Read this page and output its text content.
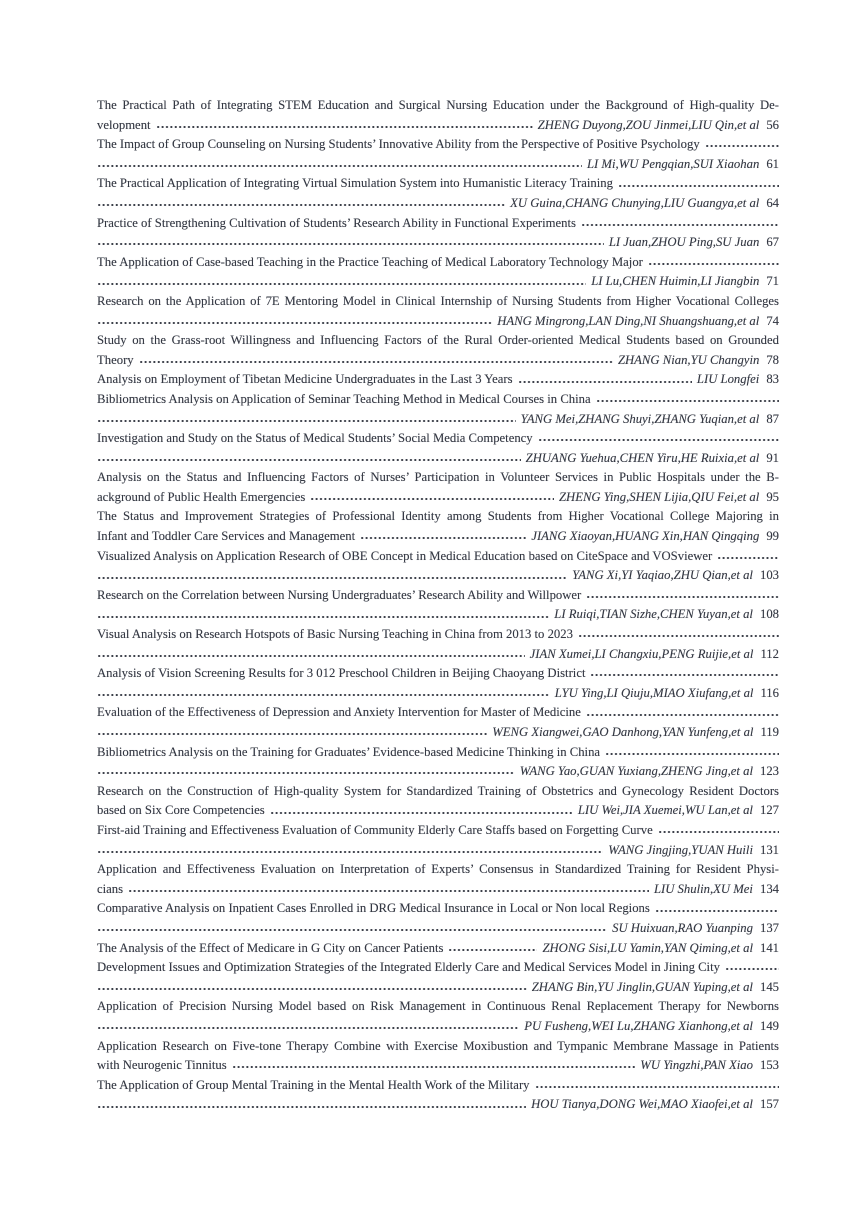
The Practical Path of Integrating STEM Education and Surgical Nursing Education under the Background of High-quality De-
velopment	ZHENG Duyong,ZOU Jinmei,LIU Qin,et al 56
The Impact of Group Counseling on Nursing Students’ Innovative Ability from the Perspective of Positive Psychology
LI Mi,WU Pengqian,SUI Xiaohan 61
The Practical Application of Integrating Virtual Simulation System into Humanistic Literacy Training
XU Guina,CHANG Chunying,LIU Guangya,et al 64
Practice of Strengthening Cultivation of Students’ Research Ability in Functional Experiments
LI Juan,ZHOU Ping,SU Juan 67
The Application of Case-based Teaching in the Practice Teaching of Medical Laboratory Technology Major
LI Lu,CHEN Huimin,LI Jiangbin 71
Research on the Application of 7E Mentoring Model in Clinical Internship of Nursing Students from Higher Vocational Colleges
HANG Mingrong,LAN Ding,NI Shuangshuang,et al 74
Study on the Grass-root Willingness and Influencing Factors of the Rural Order-oriented Medical Students based on Grounded
Theory	ZHANG Nian,YU Changyin 78
Analysis on Employment of Tibetan Medicine Undergraduates in the Last 3 Years	LIU Longfei 83
Bibliometrics Analysis on Application of Seminar Teaching Method in Medical Courses in China
YANG Mei,ZHANG Shuyi,ZHANG Yuqian,et al 87
Investigation and Study on the Status of Medical Students’ Social Media Competency
ZHUANG Yuehua,CHEN Yiru,HE Ruixia,et al 91
Analysis on the Status and Influencing Factors of Nurses’ Participation in Volunteer Services in Public Hospitals under the B-
ackground of Public Health Emergencies	ZHENG Ying,SHEN Lijia,QIU Fei,et al 95
The Status and Improvement Strategies of Professional Identity among Students from Higher Vocational College Majoring in
Infant and Toddler Care Services and Management	JIANG Xiaoyan,HUANG Xin,HAN Qingqing 99
Visualized Analysis on Application Research of OBE Concept in Medical Education based on CiteSpace and VOSviewer
YANG Xi,YI Yaqiao,ZHU Qian,et al 103
Research on the Correlation between Nursing Undergraduates’ Research Ability and Willpower
LI Ruiqi,TIAN Sizhe,CHEN Yuyan,et al 108
Visual Analysis on Research Hotspots of Basic Nursing Teaching in China from 2013 to 2023
JIAN Xumei,LI Changxiu,PENG Ruijie,et al 112
Analysis of Vision Screening Results for 3 012 Preschool Children in Beijing Chaoyang District
LYU Ying,LI Qiuju,MIAO Xiufang,et al 116
Evaluation of the Effectiveness of Depression and Anxiety Intervention for Master of Medicine
WENG Xiangwei,GAO Danhong,YAN Yunfeng,et al 119
Bibliometrics Analysis on the Training for Graduates’ Evidence-based Medicine Thinking in China
WANG Yao,GUAN Yuxiang,ZHENG Jing,et al 123
Research on the Construction of High-quality System for Standardized Training of Obstetrics and Gynecology Resident Doctors
based on Six Core Competencies	LIU Wei,JIA Xuemei,WU Lan,et al 127
First-aid Training and Effectiveness Evaluation of Community Elderly Care Staffs based on Forgetting Curve
WANG Jingjing,YUAN Huili 131
Application and Effectiveness Evaluation on Interpretation of Experts’ Consensus in Standardized Training for Resident Physi-
cians	LIU Shulin,XU Mei 134
Comparative Analysis on Inpatient Cases Enrolled in DRG Medical Insurance in Local or Non local Regions
SU Huixuan,RAO Yuanping 137
The Analysis of the Effect of Medicare in G City on Cancer Patients	ZHONG Sisi,LU Yamin,YAN Qiming,et al 141
Development Issues and Optimization Strategies of the Integrated Elderly Care and Medical Services Model in Jining City
ZHANG Bin,YU Jinglin,GUAN Yuping,et al 145
Application of Precision Nursing Model based on Risk Management in Continuous Renal Replacement Therapy for Newborns
PU Fusheng,WEI Lu,ZHANG Xianhong,et al 149
Application Research on Five-tone Therapy Combine with Exercise Moxibustion and Tympanic Membrane Massage in Patients
with Neurogenic Tinnitus	WU Yingzhi,PAN Xiao 153
The Application of Group Mental Training in the Mental Health Work of the Military
HOU Tianya,DONG Wei,MAO Xiaofei,et al 157
